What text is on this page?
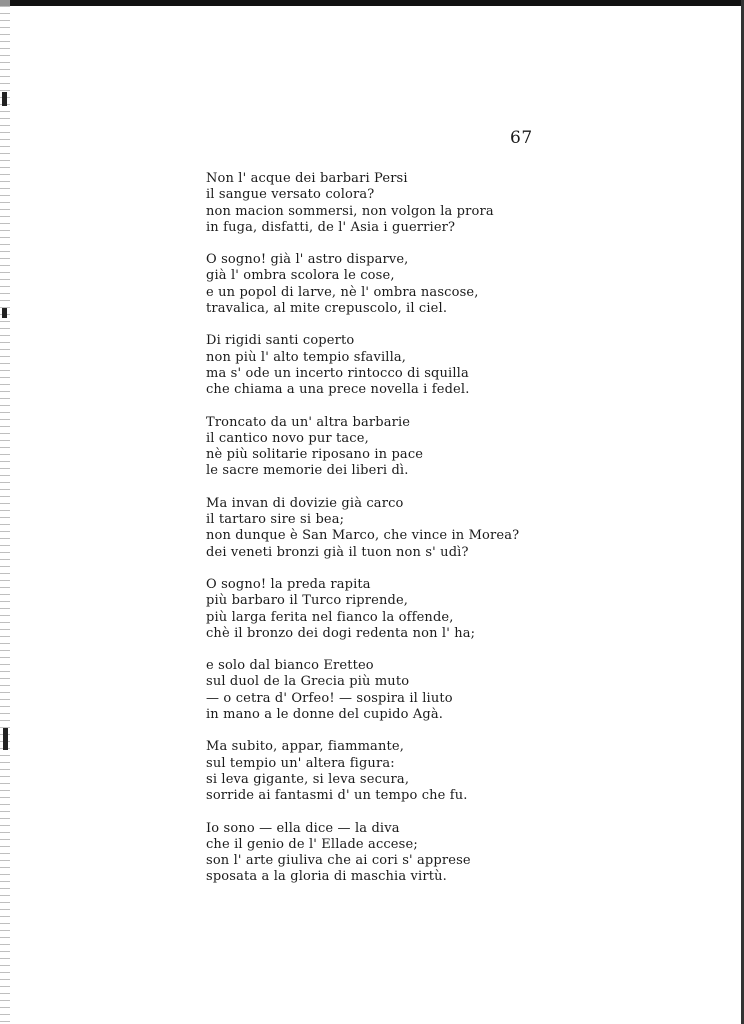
67
Non l' acque dei barbari Persi
il sangue versato colora?
non macion sommersi, non volgon la prora
in fuga, disfatti, de l' Asia i guerrier?
O sogno! già l' astro disparve,
già l' ombra scolora le cose,
e un popol di larve, nè l' ombra nascose,
travalica, al mite crepuscolo, il ciel.
Di rigidi santi coperto
non più l' alto tempio sfavilla,
ma s' ode un incerto rintocco di squilla
che chiama a una prece novella i fedel.
Troncato da un' altra barbarie
il cantico novo pur tace,
nè più solitarie riposano in pace
le sacre memorie dei liberi dì.
Ma invan di dovizie già carco
il tartaro sire si bea;
non dunque è San Marco, che vince in Morea?
dei veneti bronzi già il tuon non s' udì?
O sogno! la preda rapita
più barbaro il Turco riprende,
più larga ferita nel fianco la offende,
chè il bronzo dei dogi redenta non l' ha;
e solo dal bianco Eretteo
sul duol de la Grecia più muto
— o cetra d' Orfeo! — sospira il liuto
in mano a le donne del cupido Agà.
Ma subito, appar, fiammante,
sul tempio un' altera figura:
si leva gigante, si leva secura,
sorride ai fantasmi d' un tempo che fu.
Io sono — ella dice — la diva
che il genio de l' Ellade accese;
son l' arte giuliva che ai cori s' apprese
sposata a la gloria di maschia virtù.
